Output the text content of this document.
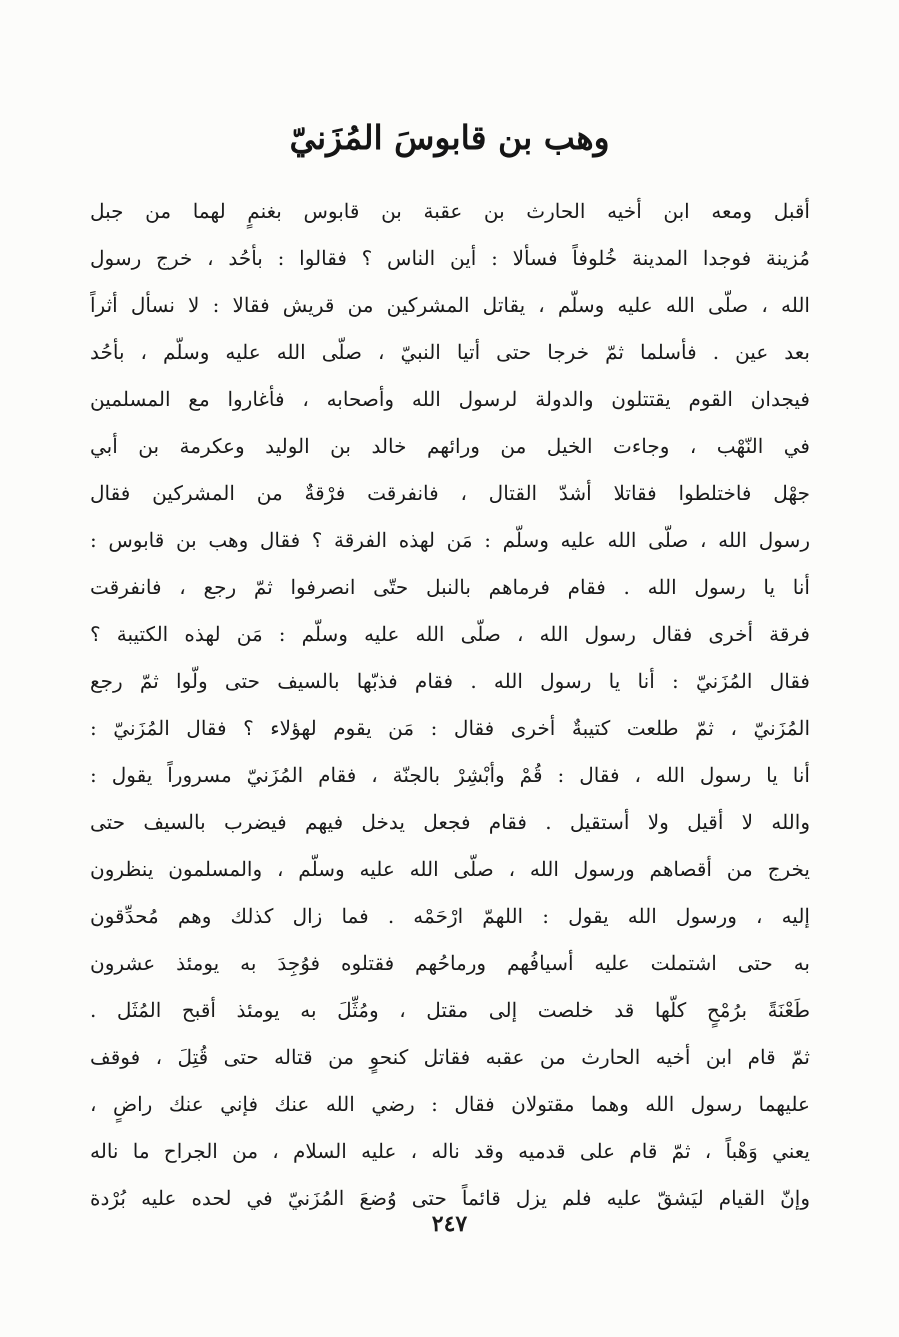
وهب بن قابوسَ المُزَنيّ
أقبل ومعه ابن أخيه الحارث بن عقبة بن قابوس بغنمٍ لهما من جبل
مُزينة فوجدا المدينة خُلوفاً فسألا : أين الناس ؟ فقالوا : بأحُد ، خرج رسول
الله ، صلّى الله عليه وسلّم ، يقاتل المشركين من قريش فقالا : لا نسأل أثراً
بعد عين . فأسلما ثمّ خرجا حتى أتيا النبيّ ، صلّى الله عليه وسلّم ، بأحُد
فيجدان القوم يقتتلون والدولة لرسول الله وأصحابه ، فأغاروا مع المسلمين
في النّهْب ، وجاءت الخيل من ورائهم خالد بن الوليد وعكرمة بن أبي
جهْل فاختلطوا فقاتلا أشدّ القتال ، فانفرقت فرْقةٌ من المشركين فقال
رسول الله ، صلّى الله عليه وسلّم : مَن لهذه الفرقة ؟ فقال وهب بن قابوس :
أنا يا رسول الله . فقام فرماهم بالنبل حتّى انصرفوا ثمّ رجع ، فانفرقت
فرقة أخرى فقال رسول الله ، صلّى الله عليه وسلّم : مَن لهذه الكتيبة ؟
فقال المُزَنيّ : أنا يا رسول الله . فقام فذبّها بالسيف حتى ولّوا ثمّ رجع
المُزَنيّ ، ثمّ طلعت كتيبةٌ أخرى فقال : مَن يقوم لهؤلاء ؟ فقال المُزَنيّ :
أنا يا رسول الله ، فقال : قُمْ وأبْشِرْ بالجنّة ، فقام المُزَنيّ مسروراً يقول :
والله لا أقيل ولا أستقيل . فقام فجعل يدخل فيهم فيضرب بالسيف حتى
يخرج من أقصاهم ورسول الله ، صلّى الله عليه وسلّم ، والمسلمون ينظرون
إليه ، ورسول الله يقول : اللهمّ ارْحَمْه . فما زال كذلك وهم مُحدِّقون
به حتى اشتملت عليه أسيافُهم ورماحُهم فقتلوه فوُجِدَ به يومئذ عشرون
طَعْنَةً برُمْحٍ كلّها قد خلصت إلى مقتل ، ومُثِّلَ به يومئذ أقبح المُثَل .
ثمّ قام ابن أخيه الحارث من عقبه فقاتل كنحوٍ من قتاله حتى قُتِلَ ، فوقف
عليهما رسول الله وهما مقتولان فقال : رضي الله عنك فإني عنك راضٍ ،
يعني وَهْباً ، ثمّ قام على قدميه وقد ناله ، عليه السلام ، من الجراح ما ناله
وإنّ القيام ليَشقّ عليه فلم يزل قائماً حتى وُضعَ المُزَنيّ في لحده عليه بُرْدة
٢٤٧
